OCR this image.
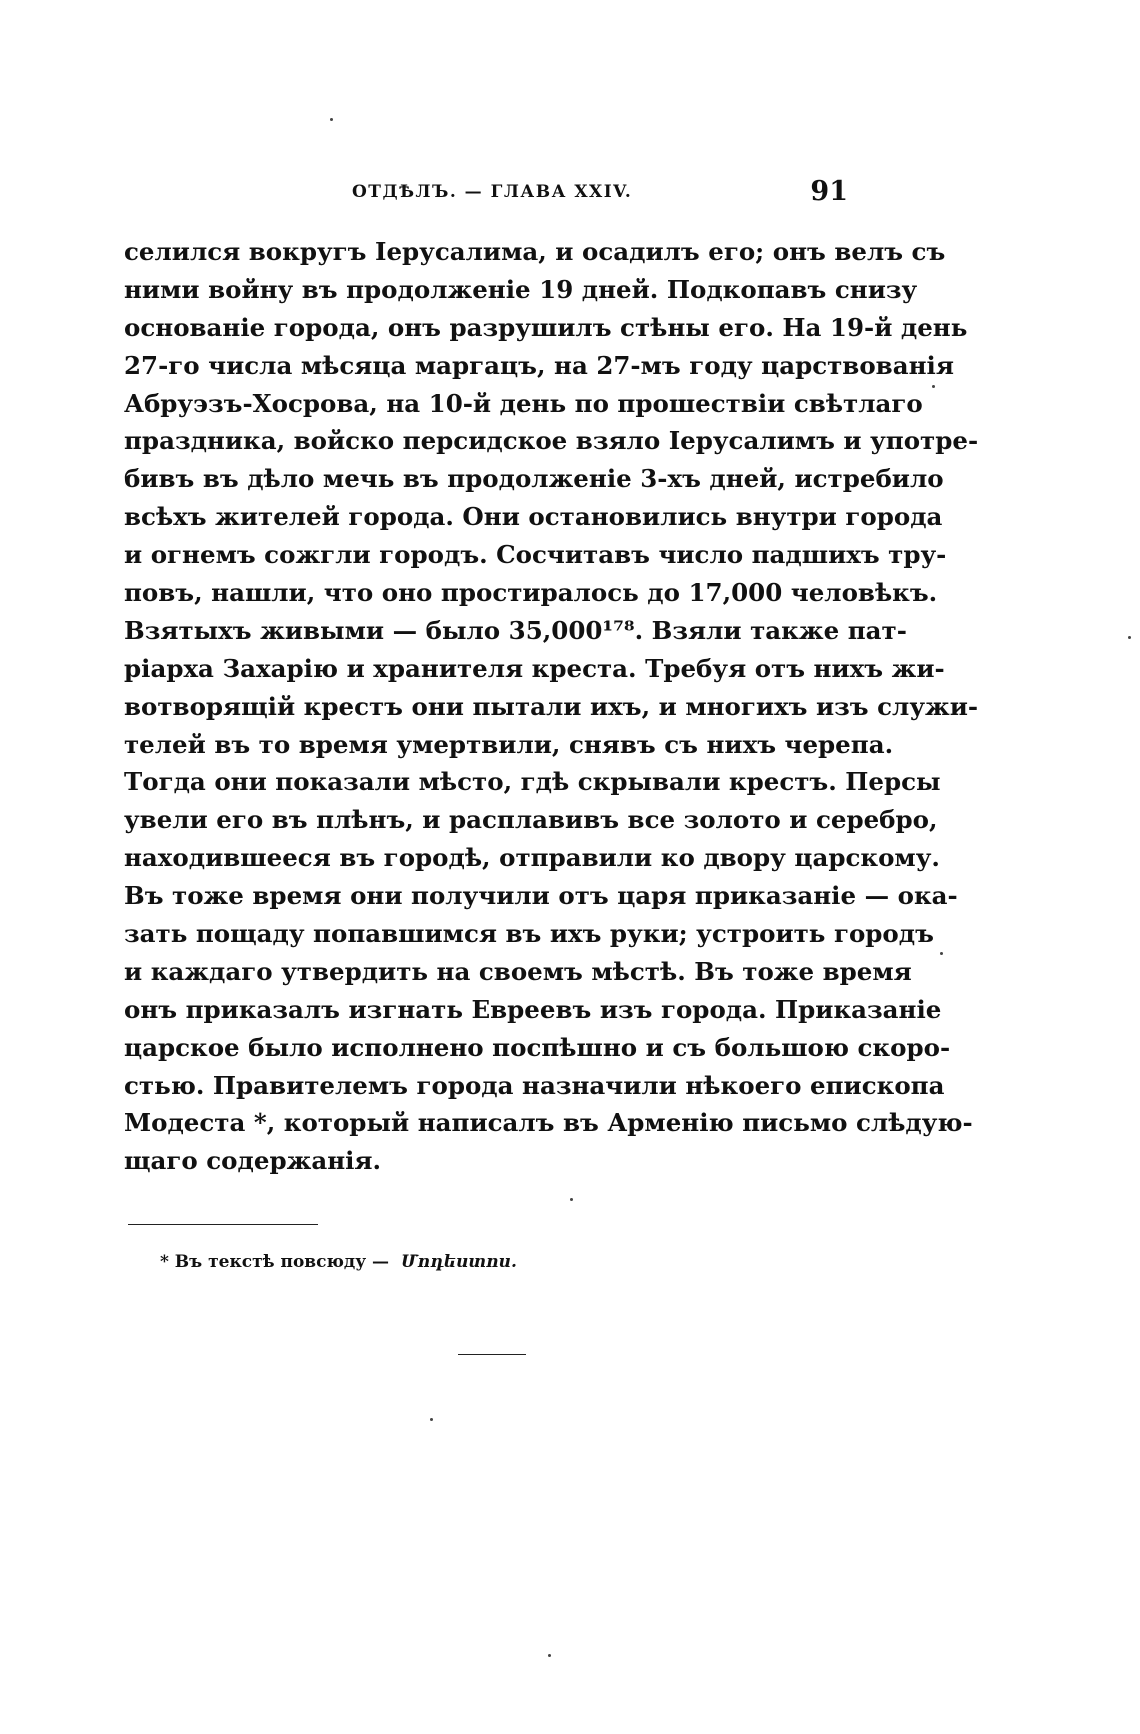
ОТДѢЛЪ. — ГЛАВА XXIV.	91
селился вокругъ Іерусалима, и осадилъ его; онъ велъ съ
ними войну въ продолженіе 19 дней. Подкопавъ снизу
основаніе города, онъ разрушилъ стѣны его. На 19-й день
27-го числа мѣсяца маргацъ, на 27-мъ году царствованія
Абруэзъ-Хосрова, на 10-й день по прошествіи свѣтлаго
праздника, войско персидское взяло Іерусалимъ и употре-
бивъ въ дѣло мечь въ продолженіе 3-хъ дней, истребило
всѣхъ жителей города. Они остановились внутри города
и огнемъ сожгли городъ. Сосчитавъ число падшихъ тру-
повъ, нашли, что оно простиралось до 17,000 человѣкъ.
Взятыхъ живыми — было 35,000¹⁷⁸. Взяли также пат-
ріарха Захарію и хранителя креста. Требуя отъ нихъ жи-
вотворящій крестъ они пытали ихъ, и многихъ изъ служи-
телей въ то время умертвили, снявъ съ нихъ черепа.
Тогда они показали мѣсто, гдѣ скрывали крестъ. Персы
увели его въ плѣнъ, и расплавивъ все золото и серебро,
находившееся въ городѣ, отправили ко двору царскому.
Въ тоже время они получили отъ царя приказаніе — ока-
зать пощаду попавшимся въ ихъ руки; устроить городъ
и каждаго утвердить на своемъ мѣстѣ. Въ тоже время
онъ приказалъ изгнать Евреевъ изъ города. Приказаніе
царское было исполнено поспѣшно и съ большою скоро-
стью. Правителемъ города назначили нѣкоего епископа
Модеста *, который написалъ въ Арменію письмо слѣдую-
щаго содержанія.
* Въ текстѣ повсюду — Մոդեստոս.
